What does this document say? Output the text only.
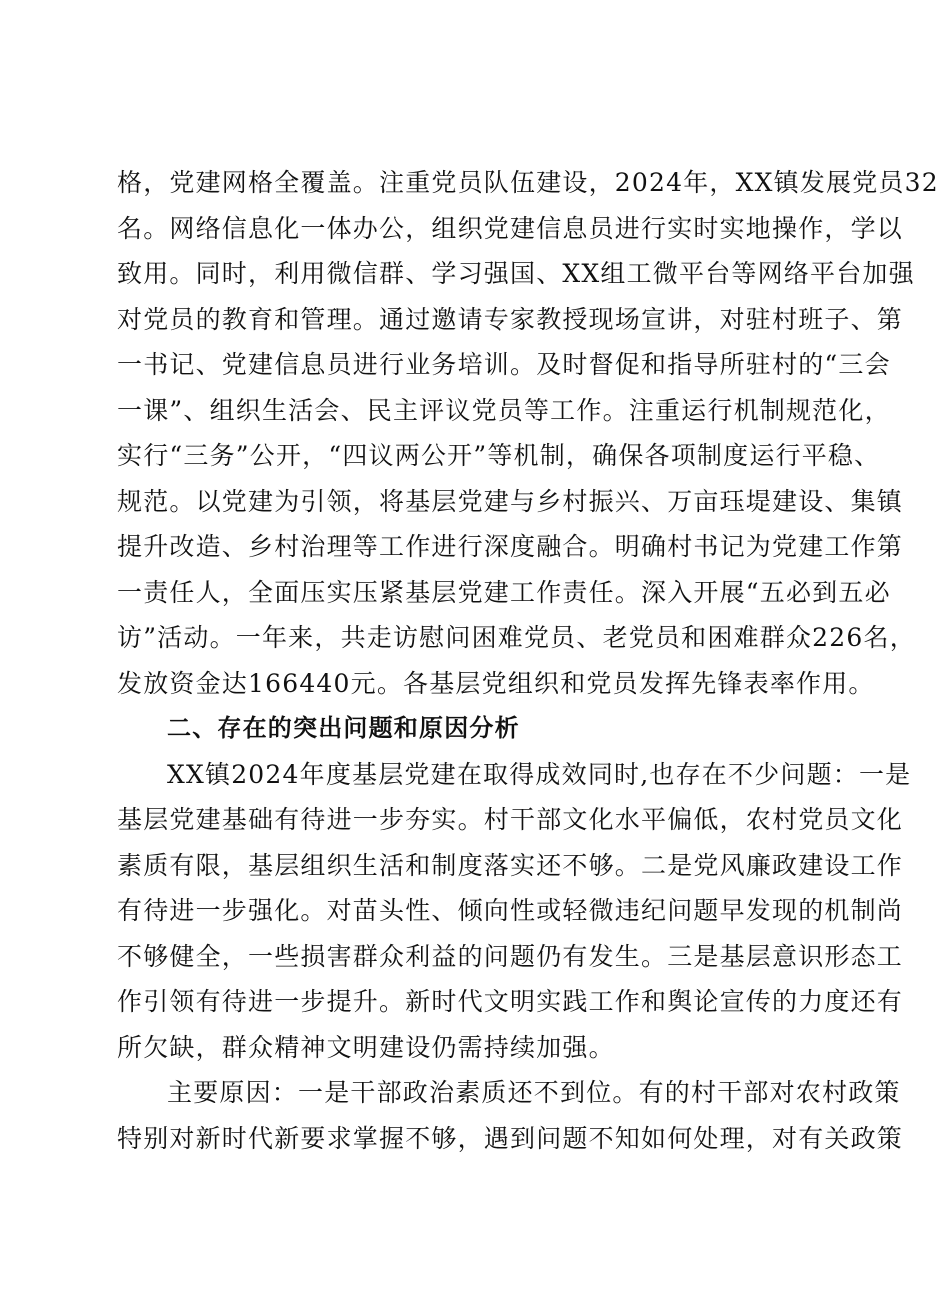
格，党建网格全覆盖。注重党员队伍建设，2024年，XX镇发展党员32
名。网络信息化一体办公，组织党建信息员进行实时实地操作，学以
致用。同时，利用微信群、学习强国、XX组工微平台等网络平台加强
对党员的教育和管理。通过邀请专家教授现场宣讲，对驻村班子、第
一书记、党建信息员进行业务培训。及时督促和指导所驻村的“三会
一课”、组织生活会、民主评议党员等工作。注重运行机制规范化，
实行“三务”公开，“四议两公开”等机制，确保各项制度运行平稳、
规范。以党建为引领，将基层党建与乡村振兴、万亩珏堤建设、集镇
提升改造、乡村治理等工作进行深度融合。明确村书记为党建工作第
一责任人，全面压实压紧基层党建工作责任。深入开展“五必到五必
访”活动。一年来，共走访慰问困难党员、老党员和困难群众226名，
发放资金达166440元。各基层党组织和党员发挥先锋表率作用。
二、存在的突出问题和原因分析
XX镇2024年度基层党建在取得成效同时,也存在不少问题：一是
基层党建基础有待进一步夯实。村干部文化水平偏低，农村党员文化
素质有限，基层组织生活和制度落实还不够。二是党风廉政建设工作
有待进一步强化。对苗头性、倾向性或轻微违纪问题早发现的机制尚
不够健全，一些损害群众利益的问题仍有发生。三是基层意识形态工
作引领有待进一步提升。新时代文明实践工作和舆论宣传的力度还有
所欠缺，群众精神文明建设仍需持续加强。
主要原因：一是干部政治素质还不到位。有的村干部对农村政策
特别对新时代新要求掌握不够，遇到问题不知如何处理，对有关政策
